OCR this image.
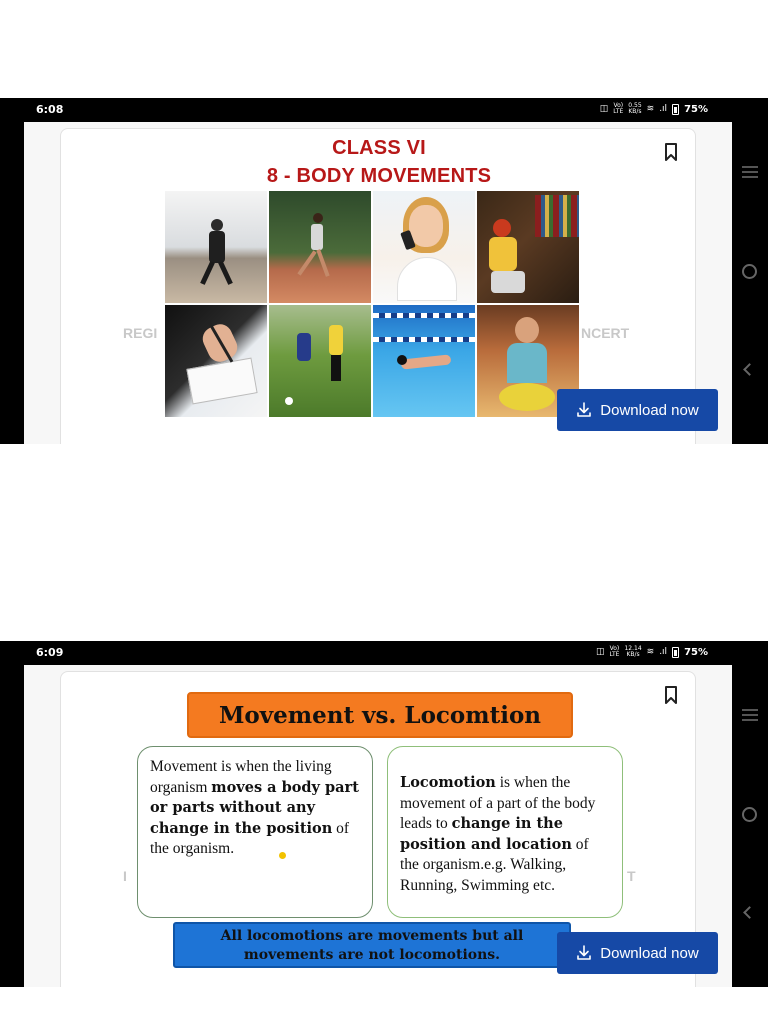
6:08	◫ Vo)
LTE
0.55
KB/s ≋ .ıl 75%
CLASS VI
8 - BODY MOVEMENTS
REGI	NCERT
Download now
6:09	◫ Vo)
LTE
12.14
KB/s ≋ .ıl 75%
Movement vs. Locomtion
I	T
Movement is when the living organism moves a body part or parts without any change in the position of the organism.
Locomotion is when the movement of a part of the body leads to change in the position and location of the organism.e.g. Walking, Running, Swimming etc.
All locomotions are movements but all movements are not locomotions.	Download now
